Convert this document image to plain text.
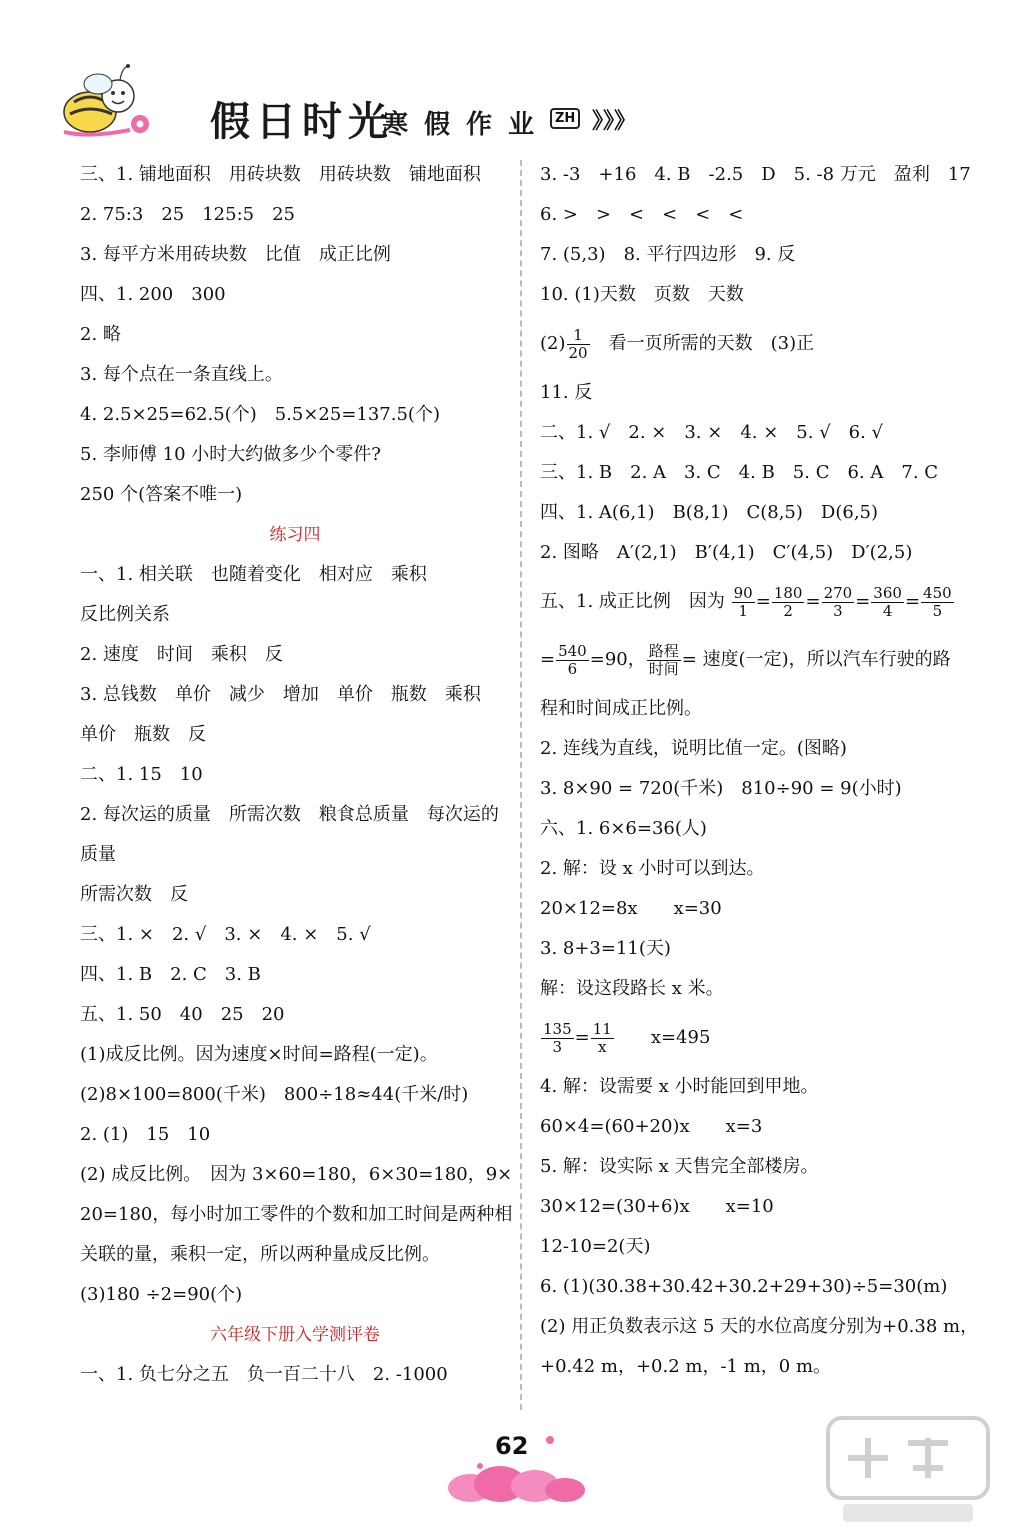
假日时光
寒假作业 ZH 》》》
三、1. 铺地面积　用砖块数　用砖块数　铺地面积
2. 75:3　25　125:5　25
3. 每平方米用砖块数　比值　成正比例
四、1. 200　300
2. 略
3. 每个点在一条直线上。
4. 2.5×25=62.5(个)　5.5×25=137.5(个)
5. 李师傅 10 小时大约做多少个零件?
250 个(答案不唯一)
练习四
一、1. 相关联　也随着变化　相对应　乘积
反比例关系
2. 速度　时间　乘积　反
3. 总钱数　单价　减少　增加　单价　瓶数　乘积
单价　瓶数　反
二、1. 15　10
2. 每次运的质量　所需次数　粮食总质量　每次运的
质量
所需次数　反
三、1. ×　2. √　3. ×　4. ×　5. √
四、1. B　2. C　3. B
五、1. 50　40　25　20
(1)成反比例。因为速度×时间=路程(一定)。
(2)8×100=800(千米)　800÷18≈44(千米/时)
2. (1)　15　10
(2) 成反比例。　因为 3×60=180，6×30=180，9×
20=180，每小时加工零件的个数和加工时间是两种相
关联的量，乘积一定，所以两种量成反比例。
(3)180 ÷2=90(个)
六年级下册入学测评卷
一、1. 负七分之五　负一百二十八　2. -1000
3. -3　+16　4. B　-2.5　D　5. -8 万元　盈利　17
6. >　>　<　<　<　<
7. (5,3)　8. 平行四边形　9. 反
10. (1)天数　页数　天数
$(2) \frac{1}{20}$
　 看一页所需的天数　(3)正
11. 反
二、1. √　2. ×　3. ×　4. ×　5. √　6. √
三、1. B　2. A　3. C　4. B　5. C　6. A　7. C
四、1. A(6,1)　B(8,1)　C(8,5)　D(6,5)
2. 图略　A′(2,1)　B′(4,1)　C′(4,5)　D′(2,5)
五、1. 成正比例　因为 $\frac{90}{1} = \frac{180}{2} = \frac{270}{3} = \frac{360}{4} = \frac{450}{5}$
= $\frac{540}{6} =90$， $\frac{\text{路程}}{\text{时间}}$ = 速度(一定)，所以汽车行驶的路
程和时间成正比例。
2. 连线为直线，说明比值一定。(图略)
3. 8×90 = 720(千米)　810÷90 = 9(小时)
六、1. 6×6=36(人)
2. 解：设 x 小时可以到达。
20×12=8x　　x=30
3. 8+3=11(天)
解：设这段路长 x 米。
$\frac{135}{3} = \frac{11}{x}$
　　 x=495
4. 解：设需要 x 小时能回到甲地。
60×4=(60+20)x　　x=3
5. 解：设实际 x 天售完全部楼房。
30×12=(30+6)x　　x=10
12-10=2(天)
6. (1)(30.38+30.42+30.2+29+30)÷5=30(m)
(2) 用正负数表示这 5 天的水位高度分别为+0.38 m，
+0.42 m，+0.2 m，-1 m，0 m。
62
